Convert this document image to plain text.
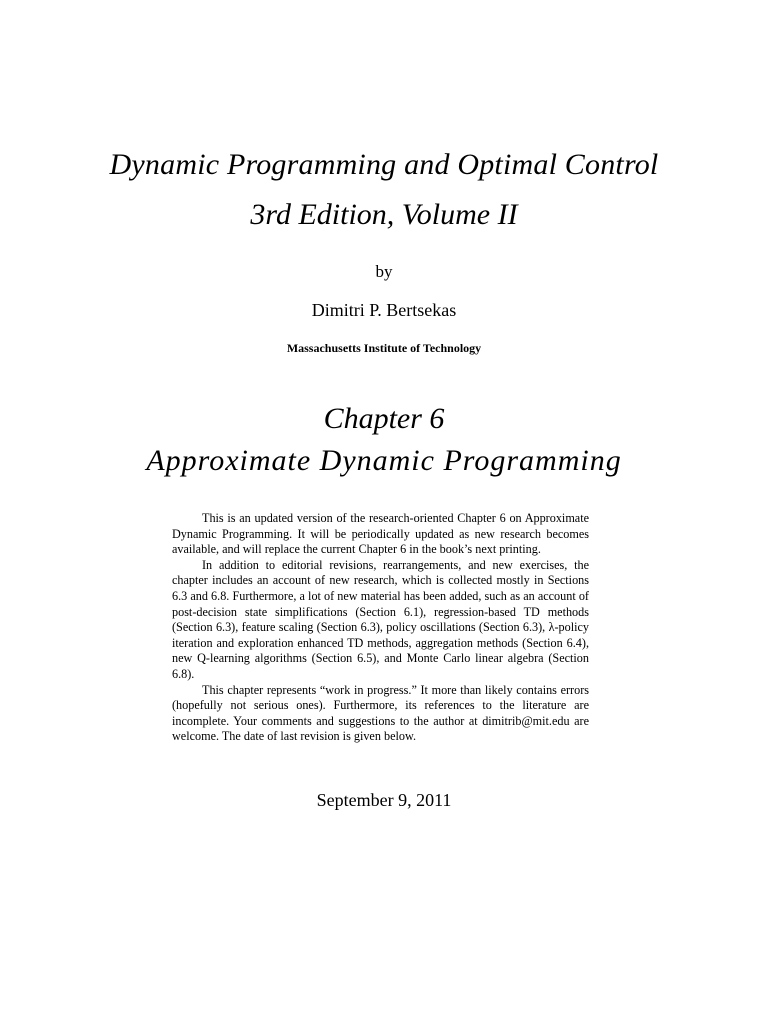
Dynamic Programming and Optimal Control
3rd Edition, Volume II
by
Dimitri P. Bertsekas
Massachusetts Institute of Technology
Chapter 6
Approximate Dynamic Programming

This is an updated version of the research-oriented Chapter 6 on Approximate Dynamic Programming. It will be periodically updated as new research becomes available, and will replace the current Chapter 6 in the book’s next printing.

In addition to editorial revisions, rearrangements, and new exercises, the chapter includes an account of new research, which is collected mostly in Sections 6.3 and 6.8. Furthermore, a lot of new material has been added, such as an account of post-decision state simplifications (Section 6.1), regression-based TD methods (Section 6.3), feature scaling (Section 6.3), policy oscillations (Section 6.3), λ-policy iteration and exploration enhanced TD methods, aggregation methods (Section 6.4), new Q-learning algorithms (Section 6.5), and Monte Carlo linear algebra (Section 6.8).

This chapter represents “work in progress.” It more than likely contains errors (hopefully not serious ones). Furthermore, its references to the literature are incomplete. Your comments and suggestions to the author at dimitrib@mit.edu are welcome. The date of last revision is given below.

September 9, 2011
